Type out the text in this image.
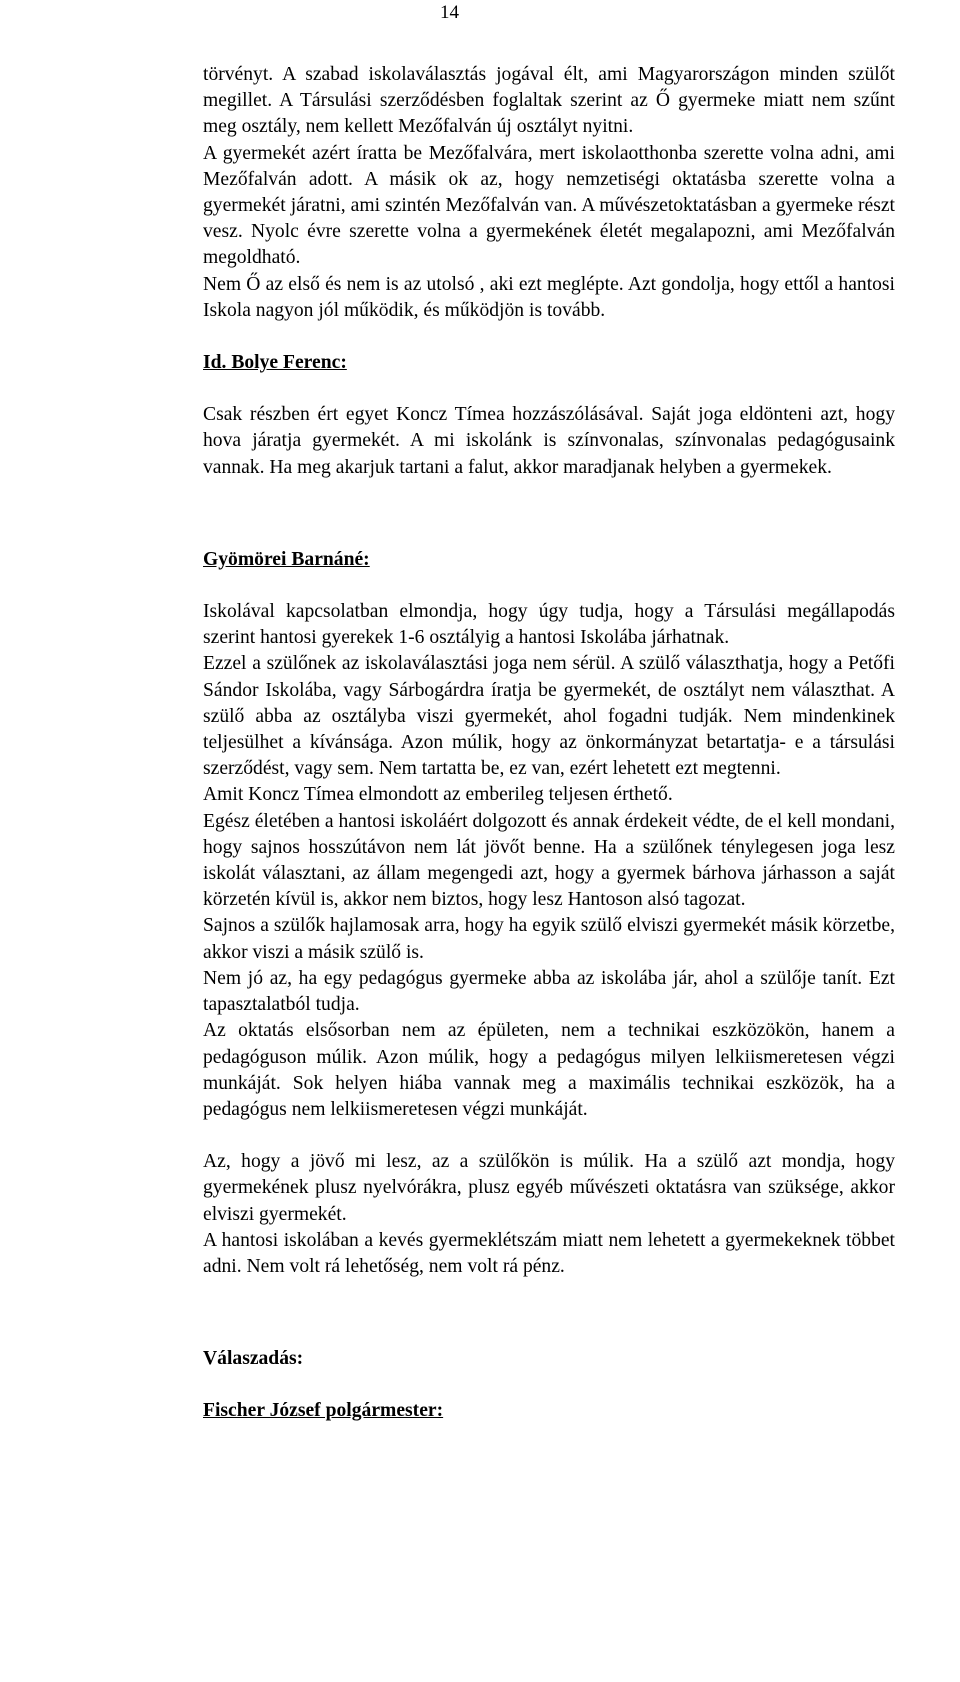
14

törvényt. A szabad iskolaválasztás jogával élt, ami Magyarországon minden szülőt megillet. A Társulási szerződésben foglaltak szerint az Ő gyermeke miatt nem szűnt meg osztály, nem kellett Mezőfalván új osztályt nyitni.

A gyermekét azért íratta be Mezőfalvára, mert iskolaotthonba szerette volna adni, ami Mezőfalván adott. A másik ok az, hogy nemzetiségi oktatásba szerette volna a gyermekét járatni, ami szintén Mezőfalván van. A művészetoktatásban a gyermeke részt vesz. Nyolc évre szerette volna a gyermekének életét megalapozni, ami Mezőfalván megoldható.

Nem Ő az első és nem is az utolsó , aki ezt meglépte. Azt gondolja, hogy ettől a hantosi Iskola nagyon jól működik, és működjön is tovább.

Id. Bolye Ferenc:

Csak részben ért egyet Koncz Tímea hozzászólásával. Saját joga eldönteni azt, hogy hova járatja gyermekét. A mi iskolánk is színvonalas, színvonalas pedagógusaink vannak. Ha meg akarjuk tartani a falut, akkor maradjanak helyben a gyermekek.

Gyömörei Barnáné:

Iskolával kapcsolatban elmondja, hogy úgy tudja, hogy a Társulási megállapodás szerint hantosi gyerekek 1-6 osztályig a hantosi Iskolába járhatnak.

Ezzel a szülőnek az iskolaválasztási joga nem sérül. A szülő választhatja, hogy a Petőfi Sándor Iskolába, vagy Sárbogárdra íratja be gyermekét, de osztályt nem választhat. A szülő abba az osztályba viszi gyermekét, ahol fogadni tudják. Nem mindenkinek teljesülhet a kívánsága. Azon múlik, hogy az önkormányzat betartatja- e a társulási szerződést, vagy sem. Nem tartatta be, ez van, ezért lehetett ezt megtenni.

Amit Koncz Tímea elmondott az emberileg teljesen érthető.

Egész életében a hantosi iskoláért dolgozott és annak érdekeit védte, de el kell mondani, hogy sajnos hosszútávon nem lát jövőt benne. Ha a szülőnek ténylegesen joga lesz iskolát választani, az állam megengedi azt, hogy a gyermek bárhova járhasson a saját körzetén kívül is, akkor nem biztos, hogy lesz Hantoson alsó tagozat.

Sajnos a szülők hajlamosak arra, hogy ha egyik szülő elviszi gyermekét másik körzetbe, akkor viszi a másik szülő is.

Nem jó az, ha egy pedagógus gyermeke abba az iskolába jár, ahol a szülője tanít. Ezt tapasztalatból tudja.

Az oktatás elsősorban nem az épületen, nem a technikai eszközökön, hanem a pedagóguson múlik. Azon múlik, hogy a pedagógus milyen lelkiismeretesen végzi munkáját. Sok helyen hiába vannak meg a maximális technikai eszközök, ha a pedagógus nem lelkiismeretesen végzi munkáját.

Az, hogy a jövő mi lesz, az a szülőkön is múlik. Ha a szülő azt mondja, hogy gyermekének plusz nyelvórákra, plusz egyéb művészeti oktatásra van szüksége, akkor elviszi gyermekét.

A hantosi iskolában a kevés gyermeklétszám miatt nem lehetett a gyermekeknek többet adni. Nem volt rá lehetőség, nem volt rá pénz.

Válaszadás:

Fischer József polgármester:
